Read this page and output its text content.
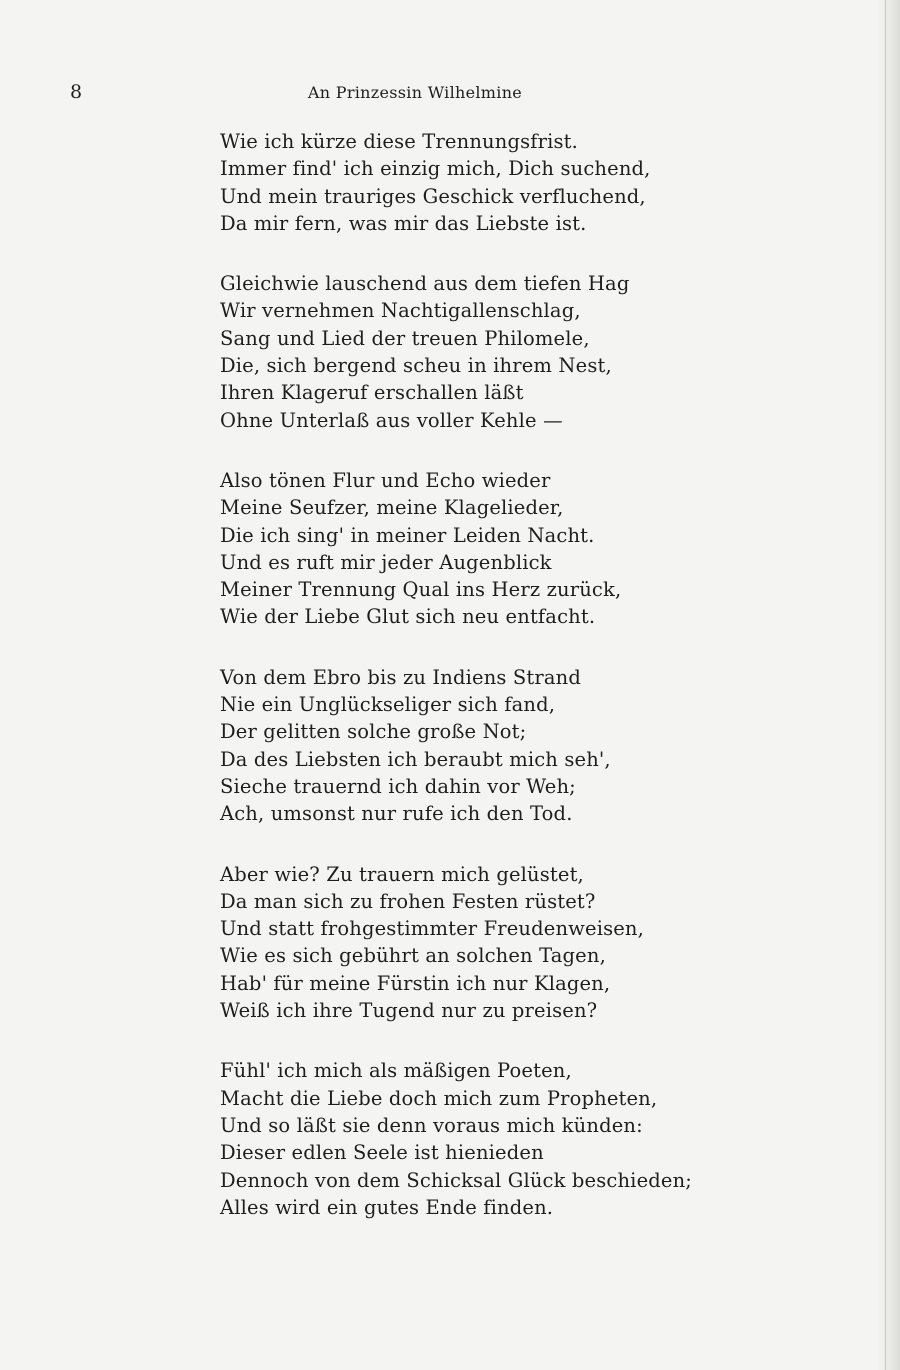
8	An Prinzessin Wilhelmine
Wie ich kürze diese Trennungsfrist.
Immer find' ich einzig mich, Dich suchend,
Und mein trauriges Geschick verfluchend,
Da mir fern, was mir das Liebste ist.
Gleichwie lauschend aus dem tiefen Hag
Wir vernehmen Nachtigallenschlag,
Sang und Lied der treuen Philomele,
Die, sich bergend scheu in ihrem Nest,
Ihren Klageruf erschallen läßt
Ohne Unterlaß aus voller Kehle —
Also tönen Flur und Echo wieder
Meine Seufzer, meine Klagelieder,
Die ich sing' in meiner Leiden Nacht.
Und es ruft mir jeder Augenblick
Meiner Trennung Qual ins Herz zurück,
Wie der Liebe Glut sich neu entfacht.
Von dem Ebro bis zu Indiens Strand
Nie ein Unglückseliger sich fand,
Der gelitten solche große Not;
Da des Liebsten ich beraubt mich seh',
Sieche trauernd ich dahin vor Weh;
Ach, umsonst nur rufe ich den Tod.
Aber wie? Zu trauern mich gelüstet,
Da man sich zu frohen Festen rüstet?
Und statt frohgestimmter Freudenweisen,
Wie es sich gebührt an solchen Tagen,
Hab' für meine Fürstin ich nur Klagen,
Weiß ich ihre Tugend nur zu preisen?
Fühl' ich mich als mäßigen Poeten,
Macht die Liebe doch mich zum Propheten,
Und so läßt sie denn voraus mich künden:
Dieser edlen Seele ist hienieden
Dennoch von dem Schicksal Glück beschieden;
Alles wird ein gutes Ende finden.
